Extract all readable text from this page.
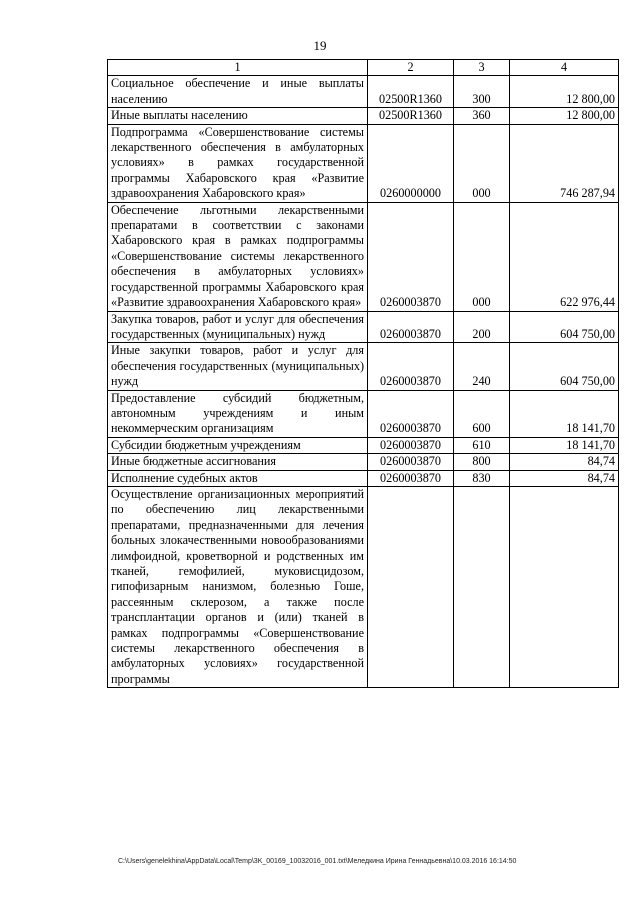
19
1	2	3	4
Социальное обеспечение и иные выплаты населению	02500R1360	300	12 800,00
Иные выплаты населению	02500R1360	360	12 800,00
Подпрограмма «Совершенствование системы лекарственного обеспечения в амбулаторных условиях» в рамках государственной программы Хабаровского края «Развитие здравоохранения Хабаровского края»	0260000000	000	746 287,94
Обеспечение льготными лекарственными препаратами в соответствии с законами Хабаровского края в рамках подпрограммы «Совершенствование системы лекарственного обеспечения в амбулаторных условиях» государственной программы Хабаровского края «Развитие здравоохранения Хабаровского края»	0260003870	000	622 976,44
Закупка товаров, работ и услуг для обеспечения государственных (муниципальных) нужд	0260003870	200	604 750,00
Иные закупки товаров, работ и услуг для обеспечения государственных (муниципальных) нужд	0260003870	240	604 750,00
Предоставление субсидий бюджетным, автономным учреждениям и иным некоммерческим организациям	0260003870	600	18 141,70
Субсидии бюджетным учреждениям	0260003870	610	18 141,70
Иные бюджетные ассигнования	0260003870	800	84,74
Исполнение судебных актов	0260003870	830	84,74
Осуществление организационных мероприятий по обеспечению лиц лекарственными препаратами, предназначенными для лечения больных злокачественными новообразованиями лимфоидной, кроветворной и родственных им тканей, гемофилией, муковисцидозом, гипофизарным нанизмом, болезнью Гоше, рассеянным склерозом, а также после трансплантации органов и (или) тканей в рамках подпрограммы «Совершенствование системы лекарственного обеспечения в амбулаторных условиях» государственной программы			
C:\Users\genelekhina\AppData\Local\Temp\3K_00169_10032016_001.txt\Меледкина Ирина Геннадьевна\10.03.2016 16:14:50
